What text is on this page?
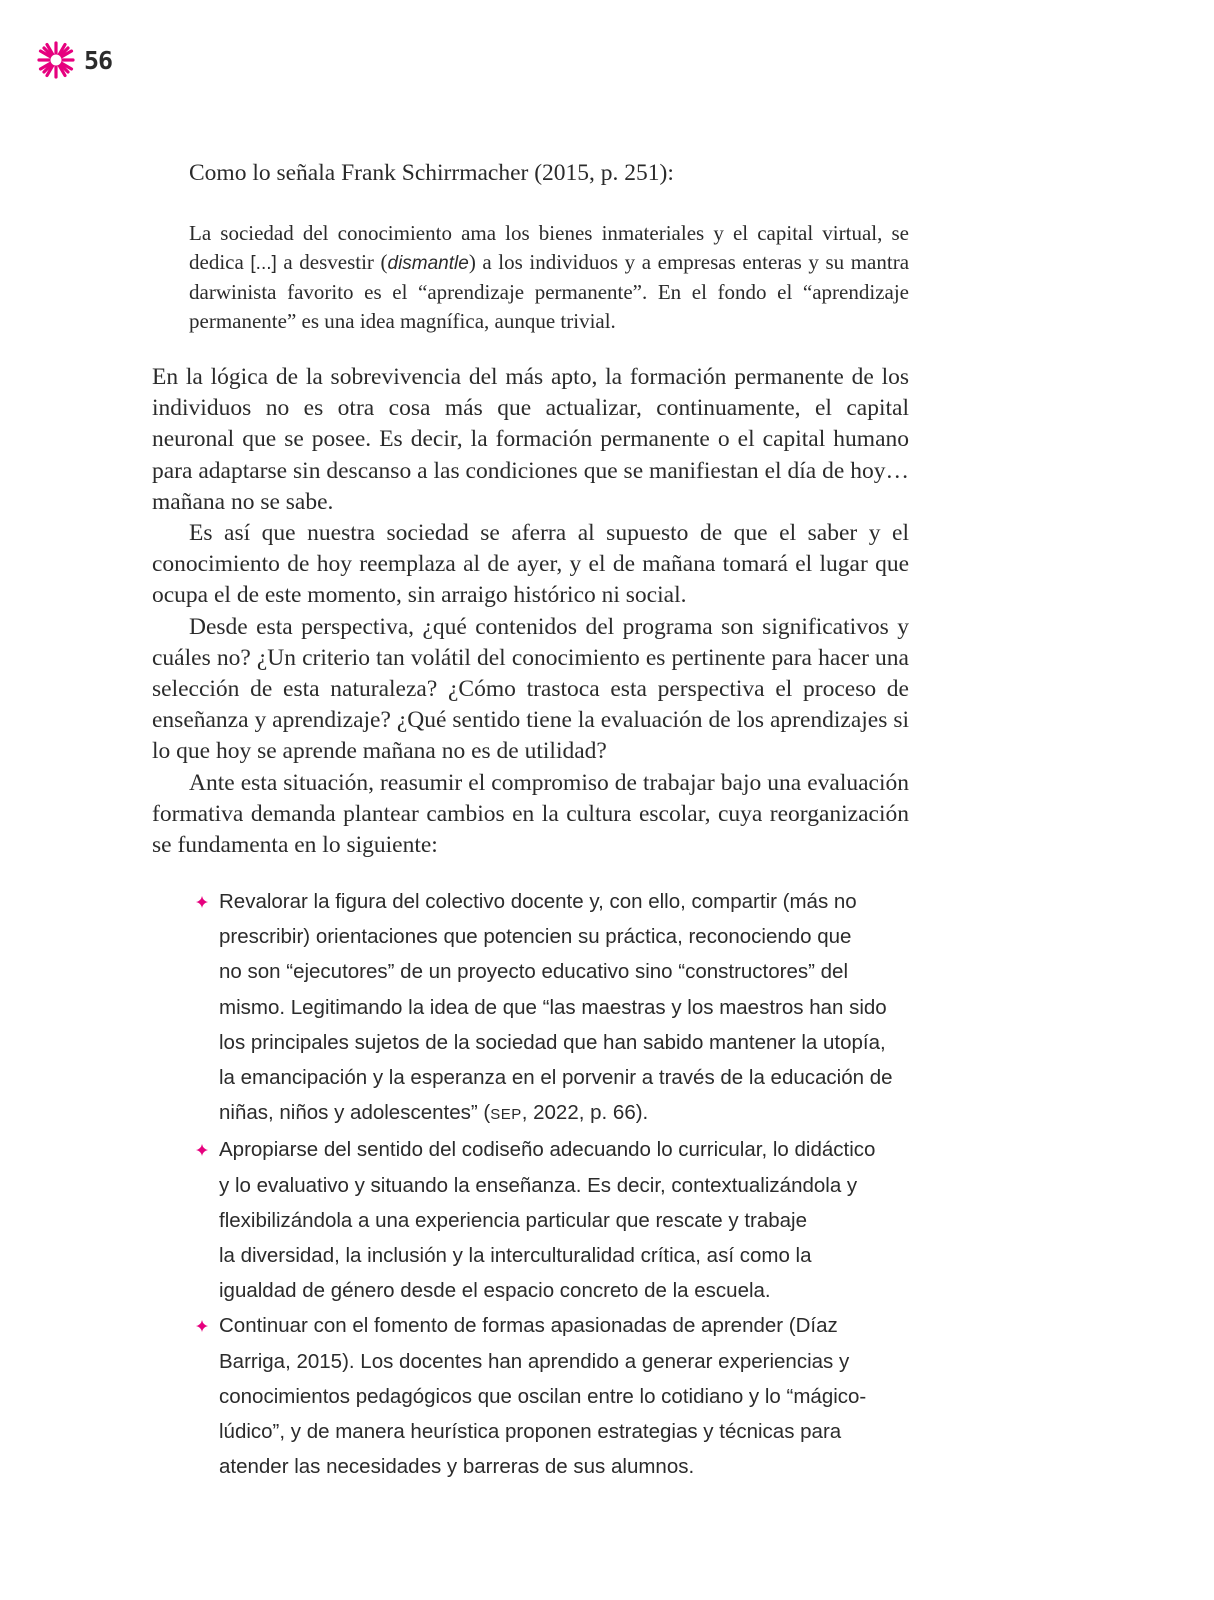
56

Como lo señala Frank Schirrmacher (2015, p. 251):

La sociedad del conocimiento ama los bienes inmateriales y el capital virtual, se dedica [...] a desvestir (dismantle) a los individuos y a empresas enteras y su mantra darwinista favorito es el “aprendizaje permanente”. En el fondo el “aprendizaje permanente” es una idea magnífica, aunque trivial.

En la lógica de la sobrevivencia del más apto, la formación permanente de los individuos no es otra cosa más que actualizar, continuamente, el capital neuronal que se posee. Es decir, la formación permanente o el capital humano para adaptarse sin descanso a las condiciones que se manifiestan el día de hoy… mañana no se sabe.

Es así que nuestra sociedad se aferra al supuesto de que el saber y el conocimiento de hoy reemplaza al de ayer, y el de mañana tomará el lugar que ocupa el de este momento, sin arraigo histórico ni social.

Desde esta perspectiva, ¿qué contenidos del programa son significativos y cuáles no? ¿Un criterio tan volátil del conocimiento es pertinente para hacer una selección de esta naturaleza? ¿Cómo trastoca esta perspectiva el proceso de enseñanza y aprendizaje? ¿Qué sentido tiene la evaluación de los aprendizajes si lo que hoy se aprende mañana no es de utilidad?

Ante esta situación, reasumir el compromiso de trabajar bajo una evaluación formativa demanda plantear cambios en la cultura escolar, cuya reorganización se fundamenta en lo siguiente:

Revalorar la figura del colectivo docente y, con ello, compartir (más no
prescribir) orientaciones que potencien su práctica, reconociendo que
no son “ejecutores” de un proyecto educativo sino “constructores” del
mismo. Legitimando la idea de que “las maestras y los maestros han sido
los principales sujetos de la sociedad que han sabido mantener la utopía,
la emancipación y la esperanza en el porvenir a través de la educación de
niñas, niños y adolescentes” (SEP, 2022, p. 66).
Apropiarse del sentido del codiseño adecuando lo curricular, lo didáctico
y lo evaluativo y situando la enseñanza. Es decir, contextualizándola y
flexibilizándola a una experiencia particular que rescate y trabaje
la diversidad, la inclusión y la interculturalidad crítica, así como la
igualdad de género desde el espacio concreto de la escuela.
Continuar con el fomento de formas apasionadas de aprender (Díaz
Barriga, 2015). Los docentes han aprendido a generar experiencias y
conocimientos pedagógicos que oscilan entre lo cotidiano y lo “mágico-
lúdico”, y de manera heurística proponen estrategias y técnicas para
atender las necesidades y barreras de sus alumnos.
